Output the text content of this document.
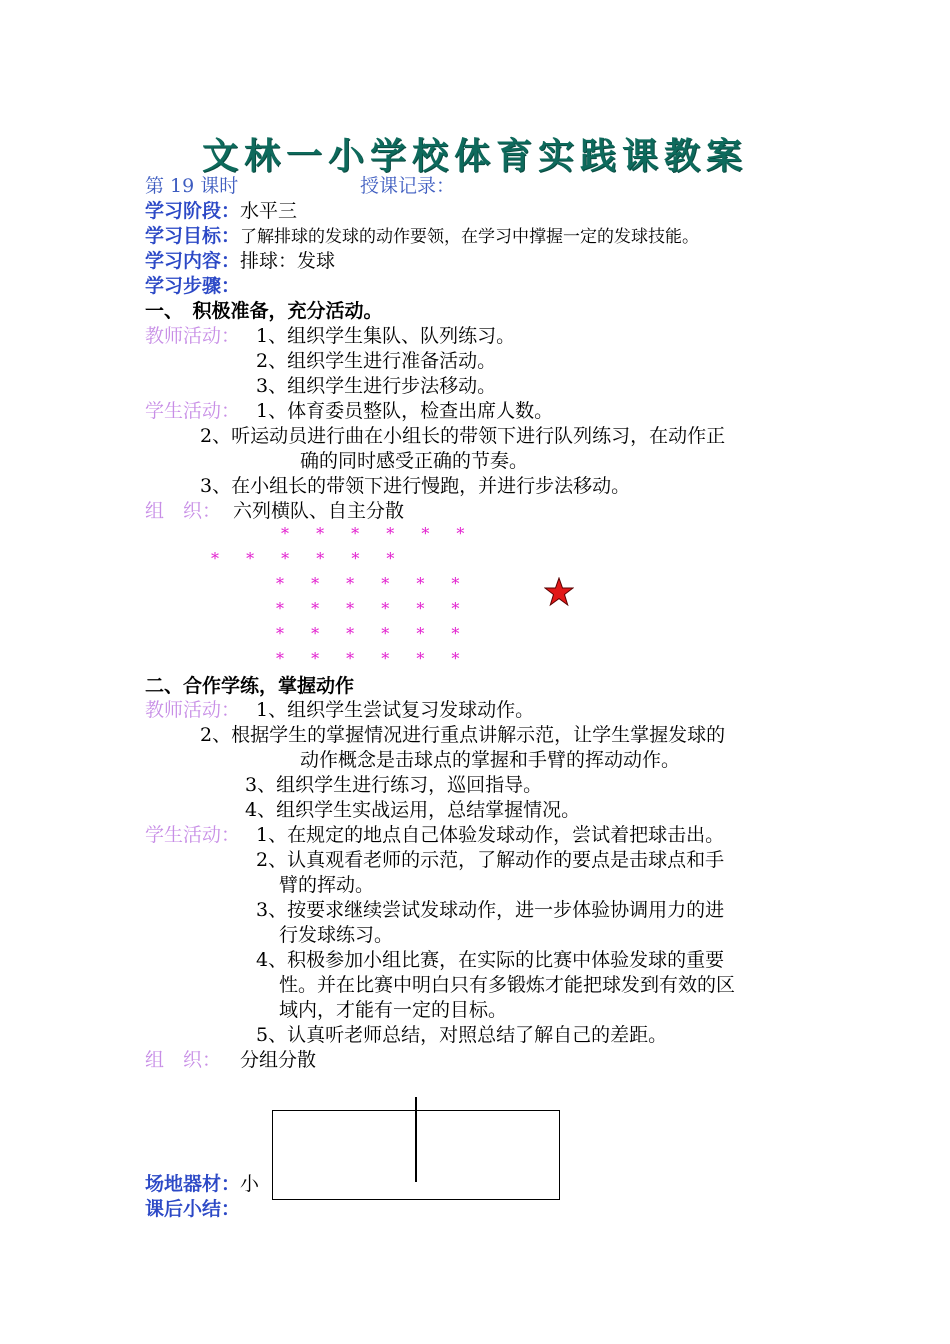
文林一小学校体育实践课教案
第 19 课时	授课记录：
学习阶段：水平三
学习目标：了解排球的发球的动作要领，在学习中撑握一定的发球技能。
学习内容：排球：发球
学习步骤：
一、　积极准备，充分活动。
教师活动： 1、组织学生集队、队列练习。
2、组织学生进行准备活动。
3、组织学生进行步法移动。
学生活动： 1、体育委员整队，检查出席人数。
2、听运动员进行曲在小组长的带领下进行队列练习，在动作正
确的同时感受正确的节奏。
3、在小组长的带领下进行慢跑，并进行步法移动。
组　织： 六列横队、自主分散
* * * * * *
* * * * * *
* * * * * *
* * * * * *
* * * * * *
* * * * * *
二、合作学练，掌握动作
教师活动： 1、组织学生尝试复习发球动作。
2、根据学生的掌握情况进行重点讲解示范，让学生掌握发球的
动作概念是击球点的掌握和手臂的挥动动作。
3、组织学生进行练习，巡回指导。
4、组织学生实战运用，总结掌握情况。
学生活动： 1、在规定的地点自己体验发球动作，尝试着把球击出。
2、认真观看老师的示范，了解动作的要点是击球点和手
臂的挥动。
3、按要求继续尝试发球动作，进一步体验协调用力的进
行发球练习。
4、积极参加小组比赛，在实际的比赛中体验发球的重要
性。并在比赛中明白只有多锻炼才能把球发到有效的区
域内，才能有一定的目标。
5、认真听老师总结，对照总结了解自己的差距。
组　织： 分组分散
场地器材：小
课后小结：
